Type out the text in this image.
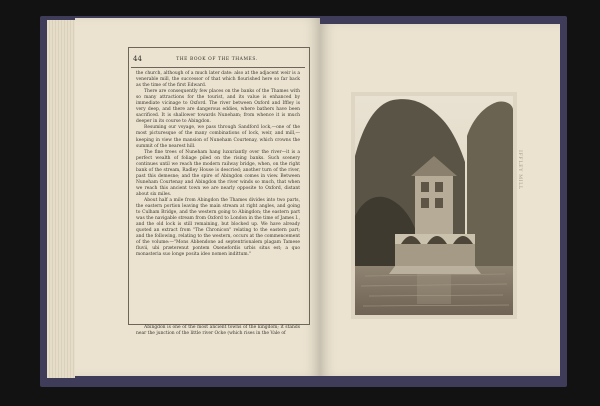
44	THE BOOK OF THE THAMES.

the church, although of a much later date: also at the adjacent weir is a venerable mill, the successor of that which flourished here so far back as the time of the first Edward.

There are consequently few places on the banks of the Thames with so many attractions for the tourist, and its value is enhanced by immediate vicinage to Oxford. The river between Oxford and Iffley is very deep, and there are dangerous eddies, where bathers have been sacrificed. It is shallower towards Nuneham; from whence it is much deeper in its course to Abingdon.

Resuming our voyage, we pass through Sandford lock,—one of the most picturesque of the many combinations of lock, weir, and mill,—keeping in view the mansion of Nuneham Courtenay, which crowns the summit of the nearest hill.

The fine trees of Nuneham hang luxuriantly over the river—it is a perfect wealth of foliage piled on the rising banks. Such scenery continues until we reach the modern railway bridge, when, on the right bank of the stream, Radley House is descried; another turn of the river, past this demesne; and the spire of Abingdon comes in view. Between Nuneham Courtenay and Abingdon the river winds so much, that when we reach this ancient town we are nearly opposite to Oxford, distant about six miles.

About half a mile from Abingdon the Thames divides into two parts, the eastern portion leaving the main stream at right angles, and going to Culham Bridge, and the western going to Abingdon; the eastern part was the navigable stream from Oxford to London in the time of James I., and the old lock is still remaining, but blocked up. We have already quoted an extract from "The Chronicon" relating to the eastern part; and the following, relating to the western, occurs at the commencement of the volume:—"Mons Abbendone ad septentrionalem plagam Tamese fluvii, ubi præterenut pontem Oxenefordis urbis situs est; a quo monasteria suo longe posita ideo nomen indittum."

Abingdon is one of the most ancient towns of the kingdom; it stands near the junction of the little river Ocke (which rises in the Vale of
IFFLEY MILL
